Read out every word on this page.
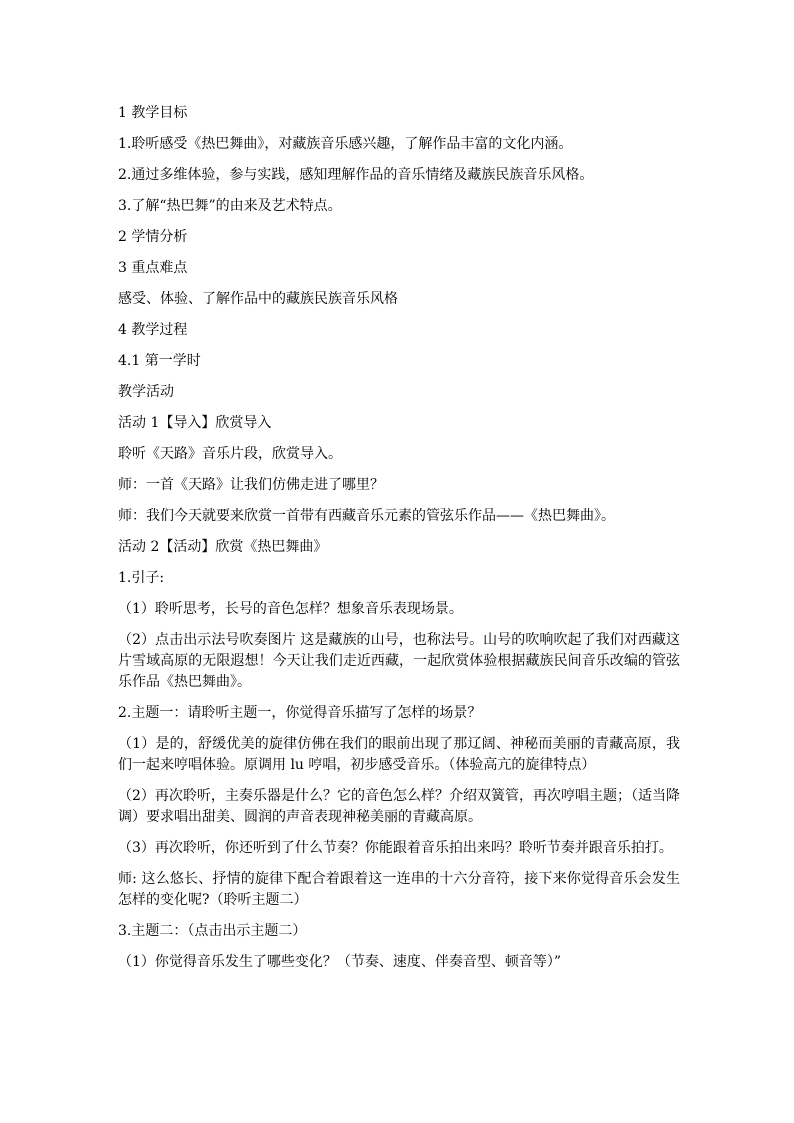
1 教学目标

1.聆听感受《热巴舞曲》，对藏族音乐感兴趣，了解作品丰富的文化内涵。

2.通过多维体验，参与实践，感知理解作品的音乐情绪及藏族民族音乐风格。

3.了解“热巴舞”的由来及艺术特点。

2 学情分析

3 重点难点

感受、体验、了解作品中的藏族民族音乐风格

4 教学过程

4.1 第一学时

教学活动

活动 1【导入】欣赏导入

聆听《天路》音乐片段，欣赏导入。

师：一首《天路》让我们仿佛走进了哪里？

师：我们今天就要来欣赏一首带有西藏音乐元素的管弦乐作品——《热巴舞曲》。

活动 2【活动】欣赏《热巴舞曲》

1.引子:

（1）聆听思考，长号的音色怎样？想象音乐表现场景。

（2）点击出示法号吹奏图片 这是藏族的山号，也称法号。山号的吹响吹起了我们对西藏这片雪域高原的无限遐想！今天让我们走近西藏，一起欣赏体验根据藏族民间音乐改编的管弦乐作品《热巴舞曲》。

2.主题一：请聆听主题一，你觉得音乐描写了怎样的场景？

（1）是的，舒缓优美的旋律仿佛在我们的眼前出现了那辽阔、神秘而美丽的青藏高原，我们一起来哼唱体验。原调用 lu 哼唱，初步感受音乐。（体验高亢的旋律特点）

（2）再次聆听，主奏乐器是什么？它的音色怎么样？介绍双簧管，再次哼唱主题；（适当降调）要求唱出甜美、圆润的声音表现神秘美丽的青藏高原。

（3）再次聆听，你还听到了什么节奏？你能跟着音乐拍出来吗？聆听节奏并跟音乐拍打。

师: 这么悠长、抒情的旋律下配合着跟着这一连串的十六分音符，接下来你觉得音乐会发生怎样的变化呢?（聆听主题二）

3.主题二：（点击出示主题二）

（1）你觉得音乐发生了哪些变化？（节奏、速度、伴奏音型、顿音等）”
